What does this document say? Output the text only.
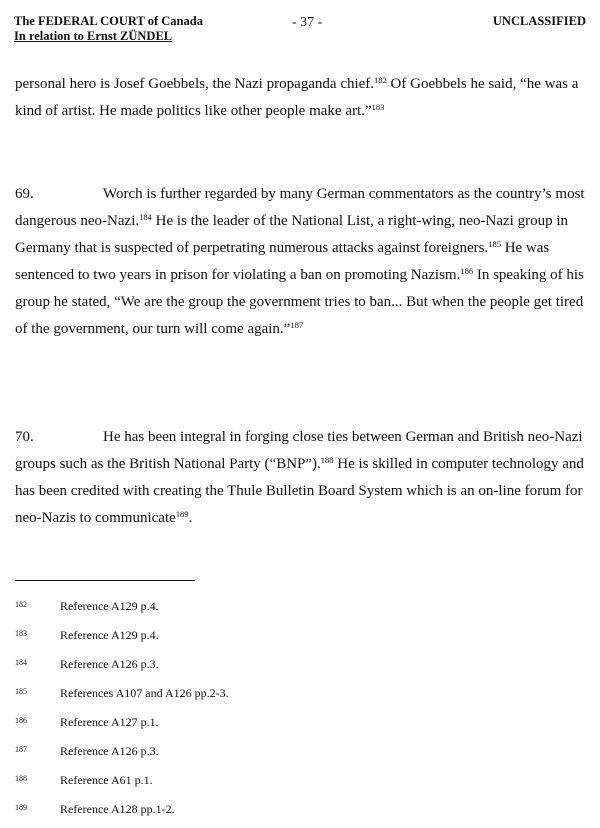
The FEDERAL COURT of Canada
In relation to Ernst ZÜNDEL
- 37 -	UNCLASSIFIED
personal hero is Josef Goebbels, the Nazi propaganda chief.$^{182}$ Of Goebbels he said, “he was a kind of artist. He made politics like other people make art.”$^{183}$
69.	Worch is further regarded by many German commentators as the country’s most dangerous neo-Nazi.$^{184}$ He is the leader of the National List, a right-wing, neo-Nazi group in Germany that is suspected of perpetrating numerous attacks against foreigners.$^{185}$ He was sentenced to two years in prison for violating a ban on promoting Nazism.$^{186}$ In speaking of his group he stated, “We are the group the government tries to ban... But when the people get tired of the government, our turn will come again.”$^{187}$
70.	He has been integral in forging close ties between German and British neo-Nazi groups such as the British National Party (“BNP”).$^{188}$ He is skilled in computer technology and has been credited with creating the Thule Bulletin Board System which is an on-line forum for neo-Nazis to communicate$^{189}$.
182	Reference A129 p.4.
183	Reference A129 p.4.
184	Reference A126 p.3.
185	References A107 and A126 pp.2-3.
186	Reference A127 p.1.
187	Reference A126 p.3.
188	Reference A61 p.1.
189	Reference A128 pp.1-2.
